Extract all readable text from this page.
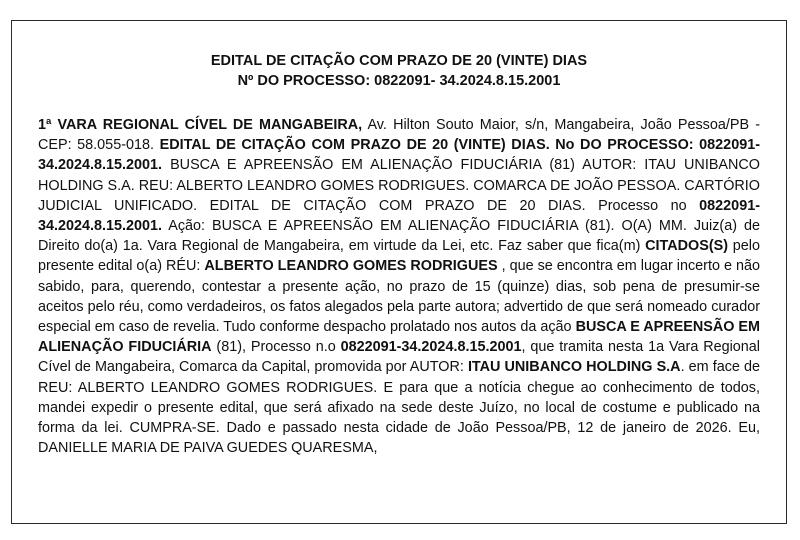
EDITAL DE CITAÇÃO COM PRAZO DE 20 (VINTE) DIAS
Nº DO PROCESSO: 0822091- 34.2024.8.15.2001
1ª VARA REGIONAL CÍVEL DE MANGABEIRA, Av. Hilton Souto Maior, s/n, Mangabeira, João Pessoa/PB - CEP: 58.055-018. EDITAL DE CITAÇÃO COM PRAZO DE 20 (VINTE) DIAS. No DO PROCESSO: 0822091- 34.2024.8.15.2001. BUSCA E APREENSÃO EM ALIENAÇÃO FIDUCIÁRIA (81) AUTOR: ITAU UNIBANCO HOLDING S.A. REU: ALBERTO LEANDRO GOMES RODRIGUES. COMARCA DE JOÃO PESSOA. CARTÓRIO JUDICIAL UNIFICADO. EDITAL DE CITAÇÃO COM PRAZO DE 20 DIAS. Processo no 0822091- 34.2024.8.15.2001. Ação: BUSCA E APREENSÃO EM ALIENAÇÃO FIDUCIÁRIA (81). O(A) MM. Juiz(a) de Direito do(a) 1a. Vara Regional de Mangabeira, em virtude da Lei, etc. Faz saber que fica(m) CITADOS(S) pelo presente edital o(a) RÉU: ALBERTO LEANDRO GOMES RODRIGUES , que se encontra em lugar incerto e não sabido, para, querendo, contestar a presente ação, no prazo de 15 (quinze) dias, sob pena de presumir-se aceitos pelo réu, como verdadeiros, os fatos alegados pela parte autora; advertido de que será nomeado curador especial em caso de revelia. Tudo conforme despacho prolatado nos autos da ação BUSCA E APREENSÃO EM ALIENAÇÃO FIDUCIÁRIA (81), Processo n.o 0822091-34.2024.8.15.2001, que tramita nesta 1a Vara Regional Cível de Mangabeira, Comarca da Capital, promovida por AUTOR: ITAU UNIBANCO HOLDING S.A. em face de REU: ALBERTO LEANDRO GOMES RODRIGUES. E para que a notícia chegue ao conhecimento de todos, mandei expedir o presente edital, que será afixado na sede deste Juízo, no local de costume e publicado na forma da lei. CUMPRA-SE. Dado e passado nesta cidade de João Pessoa/PB, 12 de janeiro de 2026. Eu, DANIELLE MARIA DE PAIVA GUEDES QUARESMA,
